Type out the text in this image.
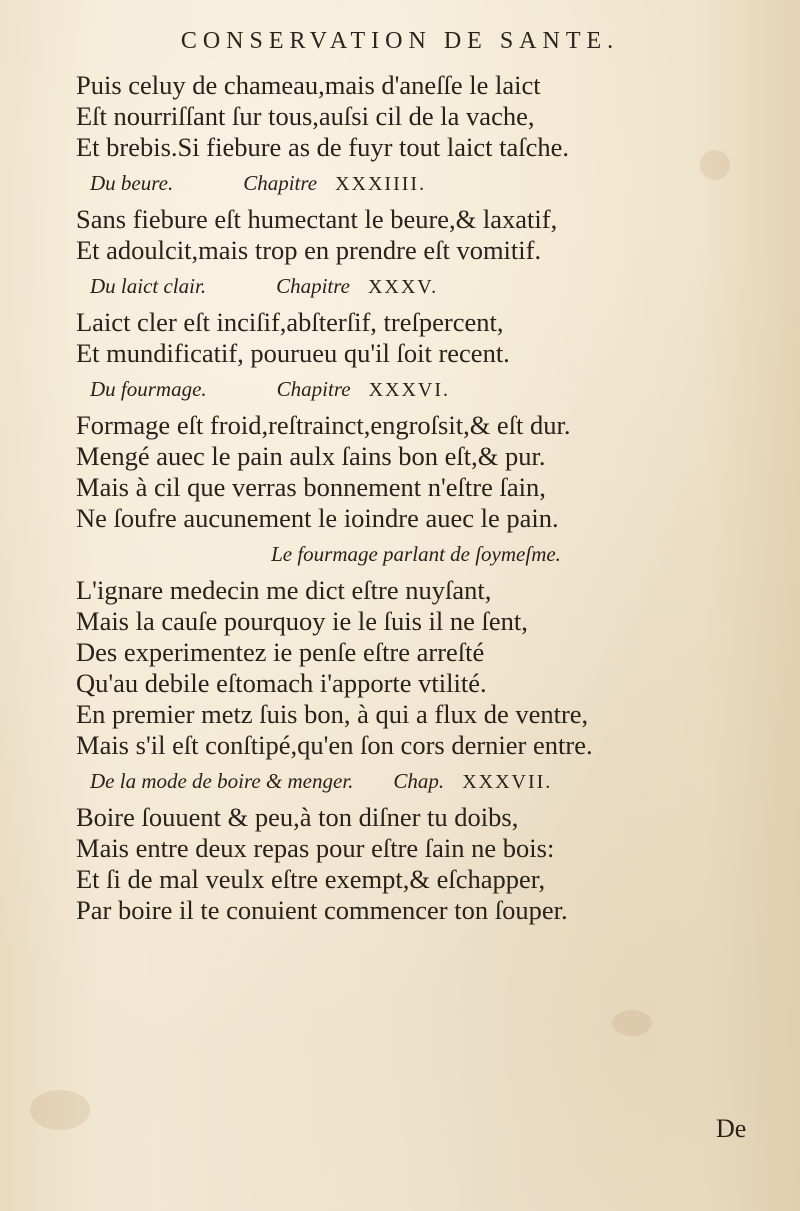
CONSERVATION DE SANTE.
Puis celuy de chameau,mais d'aneſſe le laict
Eſt nourriſſant ſur tous,auſsi cil de la vache,
Et brebis.Si fiebure as de fuyr tout laict taſche.
Du beure.	Chapitre XXXIIII.
Sans fiebure eſt humectant le beure,& laxatif,
Et adoulcit,mais trop en prendre eſt vomitif.
Du laict clair.	Chapitre XXXV.
Laict cler eſt inciſif,abſterſif, treſpercent,
Et mundificatif, pourueu qu'il ſoit recent.
Du fourmage.	Chapitre XXXVI.
Formage eſt froid,reſtrainct,engroſsit,& eſt dur.
Mengé auec le pain aulx ſains bon eſt,& pur.
Mais à cil que verras bonnement n'eſtre ſain,
Ne ſoufre aucunement le ioindre auec le pain.
Le fourmage parlant de ſoymeſme.
L'ignare medecin me dict eſtre nuyſant,
Mais la cauſe pourquoy ie le ſuis il ne ſent,
Des experimentez ie penſe eſtre arreſté
Qu'au debile eſtomach i'apporte vtilité.
En premier metz ſuis bon, à qui a flux de ventre,
Mais s'il eſt conſtipé,qu'en ſon cors dernier entre.
De la mode de boire & menger. Chap. XXXVII.
Boire ſouuent & peu,à ton diſner tu doibs,
Mais entre deux repas pour eſtre ſain ne bois:
Et ſi de mal veulx eſtre exempt,& eſchapper,
Par boire il te conuient commencer ton ſouper.
De
